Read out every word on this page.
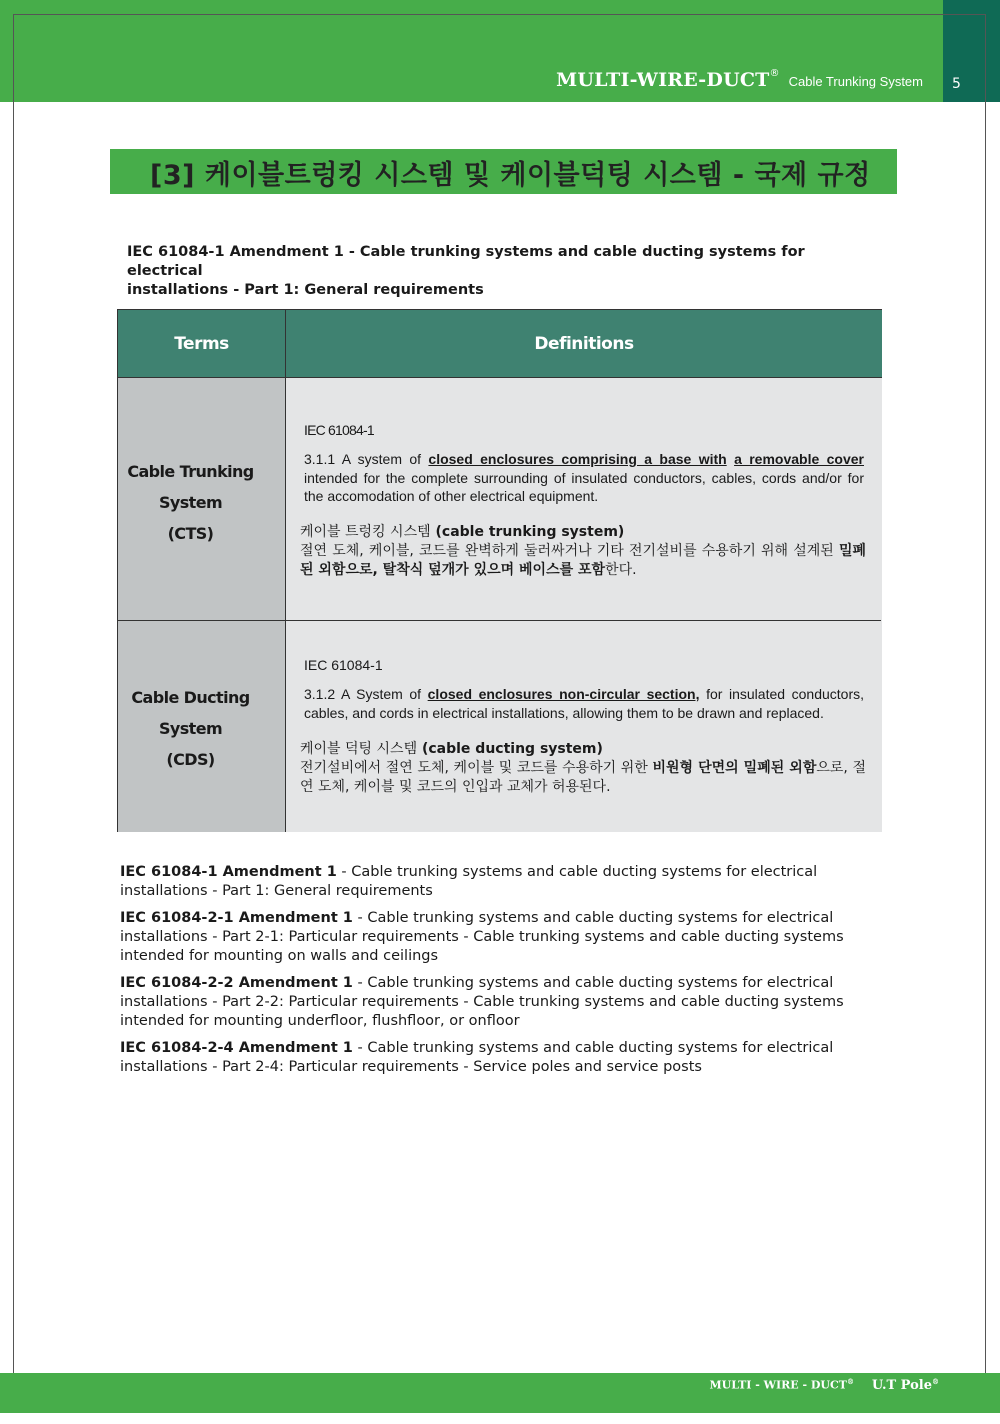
5
MULTI-WIRE-DUCT® Cable Trunking System
[3] 케이블트렁킹 시스템 및 케이블덕팅 시스템 - 국제 규정
IEC 61084-1 Amendment 1 - Cable trunking systems and cable ducting systems for electrical
installations - Part 1: General requirements
Terms	Definitions
Cable Trunking
System
(CTS)
IEC 61084-1
3.1.1 A system of closed enclosures comprising a base with a removable cover intended for the complete surrounding of insulated conductors, cables, cords and/or for the accomodation of other electrical equipment.
케이블 트렁킹 시스템 (cable trunking system)
절연 도체, 케이블, 코드를 완벽하게 둘러싸거나 기타 전기설비를 수용하기 위해 설계된 밀폐된 외함으로, 탈착식 덮개가 있으며 베이스를 포함한다.
Cable Ducting
System
(CDS)
IEC 61084-1
3.1.2 A System of closed enclosures non-circular section, for insulated conductors, cables, and cords in electrical installations, allowing them to be drawn and replaced.
케이블 덕팅 시스템 (cable ducting system)
전기설비에서 절연 도체, 케이블 및 코드를 수용하기 위한 비원형 단면의 밀폐된 외함으로, 절연 도체, 케이블 및 코드의 인입과 교체가 허용된다.

IEC 61084-1 Amendment 1 - Cable trunking systems and cable ducting systems for electrical installations - Part 1: General requirements

IEC 61084-2-1 Amendment 1 - Cable trunking systems and cable ducting systems for electrical installations - Part 2-1: Particular requirements - Cable trunking systems and cable ducting systems intended for mounting on walls and ceilings

IEC 61084-2-2 Amendment 1 - Cable trunking systems and cable ducting systems for electrical installations - Part 2-2: Particular requirements - Cable trunking systems and cable ducting systems intended for mounting underfloor, flushfloor, or onfloor

IEC 61084-2-4 Amendment 1 - Cable trunking systems and cable ducting systems for electrical installations - Part 2-4: Particular requirements - Service poles and service posts

MULTI - WIRE - DUCT® U.T Pole®
